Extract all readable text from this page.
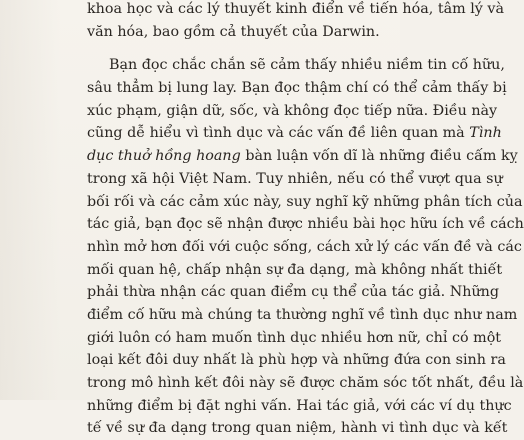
khoa học và các lý thuyết kinh điển về tiến hóa, tâm lý và
văn hóa, bao gồm cả thuyết của Darwin.
Bạn đọc chắc chắn sẽ cảm thấy nhiều niềm tin cố hữu,
sâu thẳm bị lung lay. Bạn đọc thậm chí có thể cảm thấy bị
xúc phạm, giận dữ, sốc, và không đọc tiếp nữa. Điều này
cũng dễ hiểu vì tình dục và các vấn đề liên quan mà Tình
dục thuở hồng hoang bàn luận vốn dĩ là những điều cấm kỵ
trong xã hội Việt Nam. Tuy nhiên, nếu có thể vượt qua sự
bối rối và các cảm xúc này, suy nghĩ kỹ những phân tích của
tác giả, bạn đọc sẽ nhận được nhiều bài học hữu ích về cách
nhìn mở hơn đối với cuộc sống, cách xử lý các vấn đề và các
mối quan hệ, chấp nhận sự đa dạng, mà không nhất thiết
phải thừa nhận các quan điểm cụ thể của tác giả. Những
điểm cố hữu mà chúng ta thường nghĩ về tình dục như nam
giới luôn có ham muốn tình dục nhiều hơn nữ, chỉ có một
loại kết đôi duy nhất là phù hợp và những đứa con sinh ra
trong mô hình kết đôi này sẽ được chăm sóc tốt nhất, đều là
những điểm bị đặt nghi vấn. Hai tác giả, với các ví dụ thực
tế về sự đa dạng trong quan niệm, hành vi tình dục và kết
